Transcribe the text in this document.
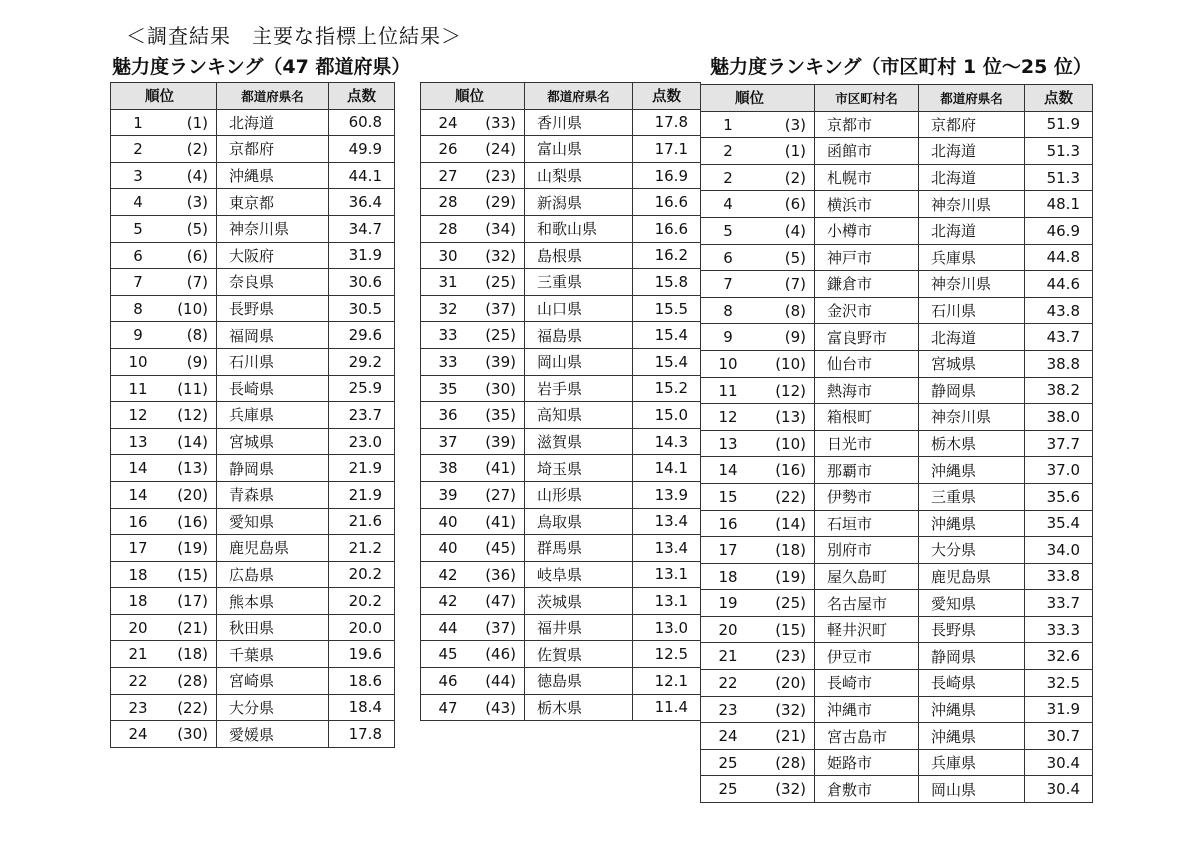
＜調査結果　主要な指標上位結果＞
魅力度ランキング（47 都道府県）	魅力度ランキング（市区町村 1 位～25 位）
順位	都道府県名	点数

1 (1)	北海道	60.8

2 (2)	京都府	49.9

3 (4)	沖縄県	44.1

4 (3)	東京都	36.4

5 (5)	神奈川県	34.7

6 (6)	大阪府	31.9

7 (7)	奈良県	30.6

8 (10)	長野県	30.5

9 (8)	福岡県	29.6

10 (9)	石川県	29.2

11 (11)	長崎県	25.9

12 (12)	兵庫県	23.7

13 (14)	宮城県	23.0

14 (13)	静岡県	21.9

14 (20)	青森県	21.9

16 (16)	愛知県	21.6

17 (19)	鹿児島県	21.2

18 (15)	広島県	20.2

18 (17)	熊本県	20.2

20 (21)	秋田県	20.0

21 (18)	千葉県	19.6

22 (28)	宮崎県	18.6

23 (22)	大分県	18.4

24 (30)	愛媛県	17.8
順位	都道府県名	点数

24 (33)	香川県	17.8

26 (24)	富山県	17.1

27 (23)	山梨県	16.9

28 (29)	新潟県	16.6

28 (34)	和歌山県	16.6

30 (32)	島根県	16.2

31 (25)	三重県	15.8

32 (37)	山口県	15.5

33 (25)	福島県	15.4

33 (39)	岡山県	15.4

35 (30)	岩手県	15.2

36 (35)	高知県	15.0

37 (39)	滋賀県	14.3

38 (41)	埼玉県	14.1

39 (27)	山形県	13.9

40 (41)	鳥取県	13.4

40 (45)	群馬県	13.4

42 (36)	岐阜県	13.1

42 (47)	茨城県	13.1

44 (37)	福井県	13.0

45 (46)	佐賀県	12.5

46 (44)	徳島県	12.1

47 (43)	栃木県	11.4
順位	市区町村名	都道府県名	点数

1 (3)	京都市	京都府	51.9

2 (1)	函館市	北海道	51.3

2 (2)	札幌市	北海道	51.3

4 (6)	横浜市	神奈川県	48.1

5 (4)	小樽市	北海道	46.9

6 (5)	神戸市	兵庫県	44.8

7 (7)	鎌倉市	神奈川県	44.6

8 (8)	金沢市	石川県	43.8

9 (9)	富良野市	北海道	43.7

10 (10)	仙台市	宮城県	38.8

11 (12)	熱海市	静岡県	38.2

12 (13)	箱根町	神奈川県	38.0

13 (10)	日光市	栃木県	37.7

14 (16)	那覇市	沖縄県	37.0

15 (22)	伊勢市	三重県	35.6

16 (14)	石垣市	沖縄県	35.4

17 (18)	別府市	大分県	34.0

18 (19)	屋久島町	鹿児島県	33.8

19 (25)	名古屋市	愛知県	33.7

20 (15)	軽井沢町	長野県	33.3

21 (23)	伊豆市	静岡県	32.6

22 (20)	長崎市	長崎県	32.5

23 (32)	沖縄市	沖縄県	31.9

24 (21)	宮古島市	沖縄県	30.7

25 (28)	姫路市	兵庫県	30.4

25 (32)	倉敷市	岡山県	30.4
